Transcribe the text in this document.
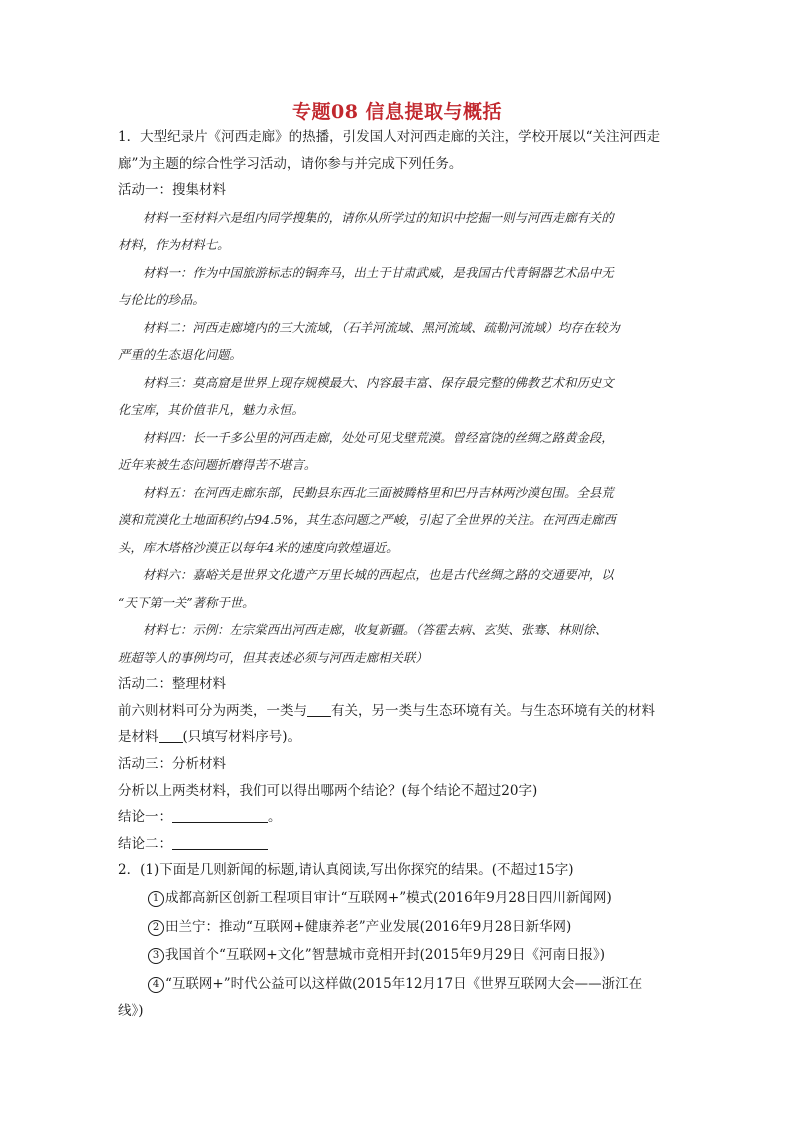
专题08 信息提取与概括

1．大型纪录片《河西走廊》的热播，引发国人对河西走廊的关注，学校开展以“关注河西走

廊”为主题的综合性学习活动，请你参与并完成下列任务。

活动一：搜集材料

材料一至材料六是组内同学搜集的，请你从所学过的知识中挖掘一则与河西走廊有关的

材料，作为材料七。

材料一：作为中国旅游标志的铜奔马，出土于甘肃武威，是我国古代青铜器艺术品中无

与伦比的珍品。

材料二：河西走廊境内的三大流域，（石羊河流域、黑河流域、疏勒河流域）均存在较为

严重的生态退化问题。

材料三：莫高窟是世界上现存规模最大、内容最丰富、保存最完整的佛教艺术和历史文

化宝库，其价值非凡，魅力永恒。

材料四：长一千多公里的河西走廊，处处可见戈壁荒漠。曾经富饶的丝绸之路黄金段，

近年来被生态问题折磨得苦不堪言。

材料五：在河西走廊东部，民勤县东西北三面被腾格里和巴丹吉林两沙漠包围。全县荒

漠和荒漠化土地面积约占94.5%，其生态问题之严峻，引起了全世界的关注。在河西走廊西

头，库木塔格沙漠正以每年4米的速度向敦煌逼近。

材料六：嘉峪关是世界文化遗产万里长城的西起点，也是古代丝绸之路的交通要冲，以

“天下第一关”著称于世。

材料七：示例：左宗棠西出河西走廊，收复新疆。（答霍去病、玄奘、张骞、林则徐、

班超等人的事例均可，但其表述必须与河西走廊相关联）

活动二：整理材料

前六则材料可分为两类，一类与 有关，另一类与生态环境有关。与生态环境有关的材料

是材料 (只填写材料序号)。

活动三：分析材料

分析以上两类材料，我们可以得出哪两个结论？(每个结论不超过20字)

结论一：	。

结论二：

2．(1)下面是几则新闻的标题,请认真阅读,写出你探究的结果。(不超过15字)

1 成都高新区创新工程项目审计“互联网+”模式(2016年9月28日四川新闻网)

2 田兰宁：推动“互联网+健康养老”产业发展(2016年9月28日新华网)

3 我国首个“互联网+文化”智慧城市竟相开封(2015年9月29日《河南日报》)

4 “互联网+”时代公益可以这样做(2015年12月17日《世界互联网大会——浙江在

线》)
